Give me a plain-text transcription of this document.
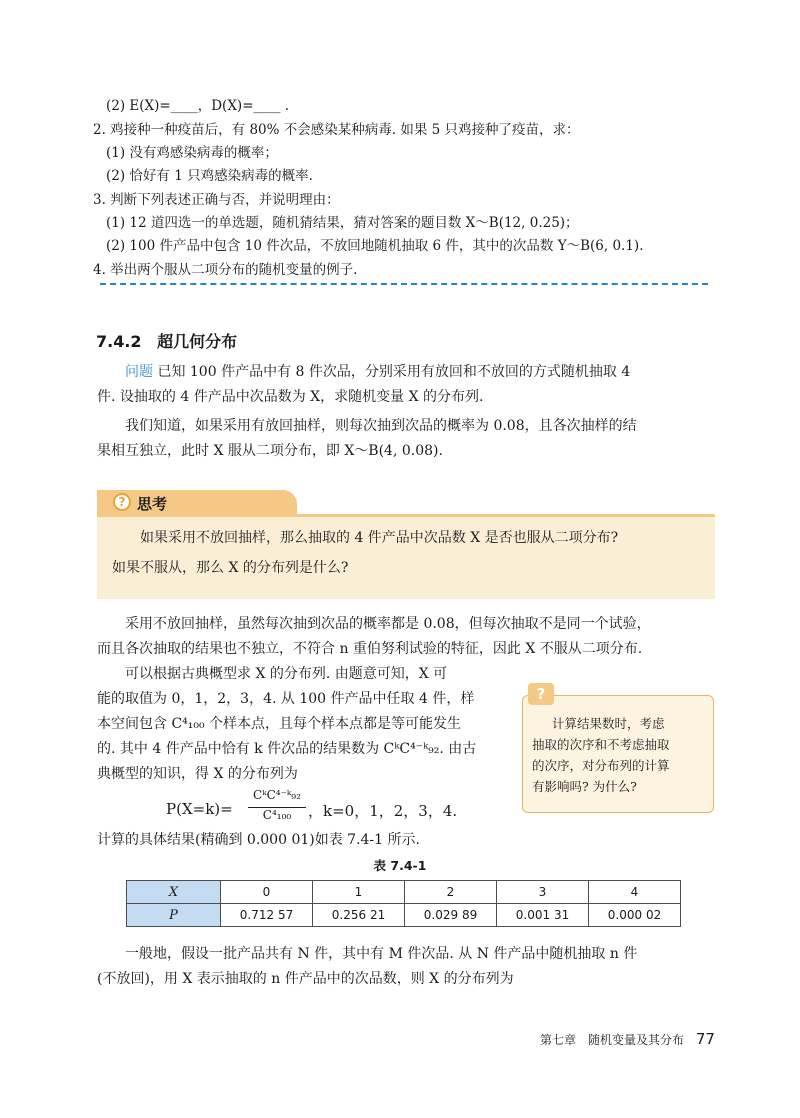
(2) E(X)=____，D(X)=____ .
2. 鸡接种一种疫苗后，有 80% 不会感染某种病毒. 如果 5 只鸡接种了疫苗，求：
(1) 没有鸡感染病毒的概率；
(2) 恰好有 1 只鸡感染病毒的概率.
3. 判断下列表述正确与否，并说明理由：
(1) 12 道四选一的单选题，随机猜结果，猜对答案的题目数 X～B(12, 0.25)；
(2) 100 件产品中包含 10 件次品，不放回地随机抽取 6 件，其中的次品数 Y～B(6, 0.1).
4. 举出两个服从二项分布的随机变量的例子.
7.4.2 超几何分布
问题 已知 100 件产品中有 8 件次品，分别采用有放回和不放回的方式随机抽取 4
件. 设抽取的 4 件产品中次品数为 X，求随机变量 X 的分布列.
我们知道，如果采用有放回抽样，则每次抽到次品的概率为 0.08，且各次抽样的结
果相互独立，此时 X 服从二项分布，即 X～B(4, 0.08).
? 思考
如果采用不放回抽样，那么抽取的 4 件产品中次品数 X 是否也服从二项分布?
如果不服从，那么 X 的分布列是什么?
采用不放回抽样，虽然每次抽到次品的概率都是 0.08，但每次抽取不是同一个试验，
而且各次抽取的结果也不独立，不符合 n 重伯努利试验的特征，因此 X 不服从二项分布.
可以根据古典概型求 X 的分布列. 由题意可知，X 可
能的取值为 0，1，2，3，4. 从 100 件产品中任取 4 件，样
本空间包含 C⁴₁₀₀ 个样本点，且每个样本点都是等可能发生
的. 其中 4 件产品中恰有 k 件次品的结果数为 CᵏC⁴⁻ᵏ₉₂. 由古
典概型的知识，得 X 的分布列为
?
计算结果数时，考虑
抽取的次序和不考虑抽取
的次序，对分布列的计算
有影响吗? 为什么?
P(X=k)=
CᵏC⁴⁻ᵏ₉₂
C⁴₁₀₀	，k=0，1，2，3，4.
计算的具体结果(精确到 0.000 01)如表 7.4-1 所示.
表 7.4-1
X	0	1	2	3	4
P	0.712 57	0.256 21	0.029 89	0.001 31	0.000 02
一般地，假设一批产品共有 N 件，其中有 M 件次品. 从 N 件产品中随机抽取 n 件
(不放回)，用 X 表示抽取的 n 件产品中的次品数，则 X 的分布列为
第七章　随机变量及其分布 77
